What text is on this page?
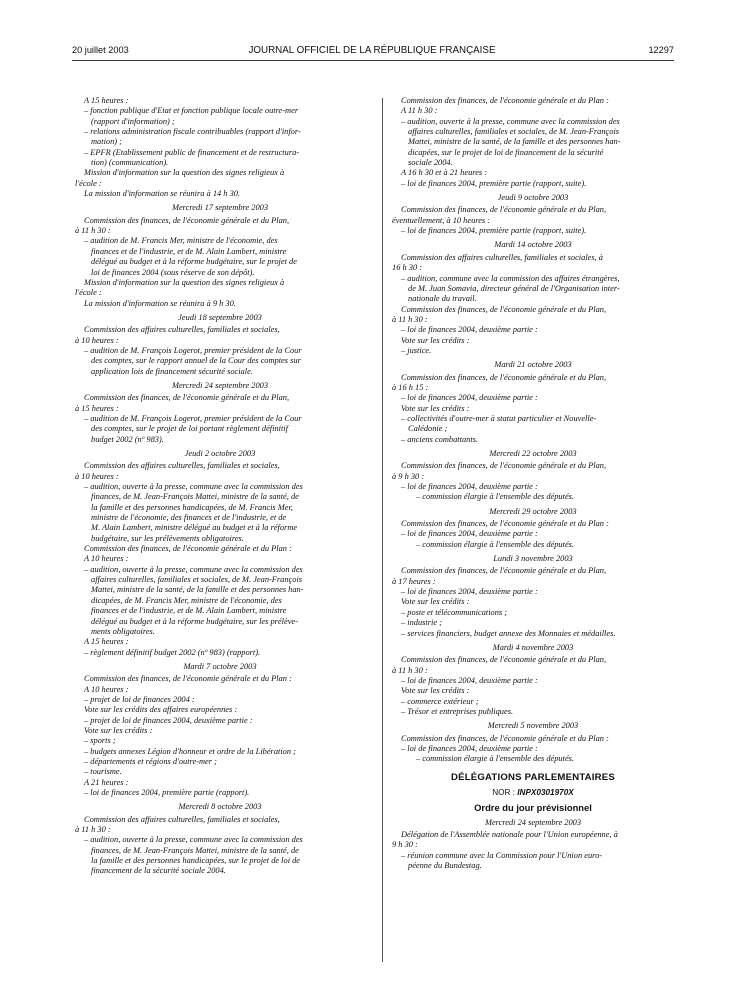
20 juillet 2003	JOURNAL OFFICIEL DE LA RÉPUBLIQUE FRANÇAISE	12297
A 15 heures :
– fonction publique d'Etat et fonction publique locale outre-mer
(rapport d'information) ;
– relations administration fiscale contribuables (rapport d'infor-
mation) ;
– EPFR (Etablissement public de financement et de restructura-
tion) (communication).
Mission d'information sur la question des signes religieux à
l'école :
La mission d'information se réunira à 14 h 30.
Mercredi 17 septembre 2003
Commission des finances, de l'économie générale et du Plan,
à 11 h 30 :
– audition de M. Francis Mer, ministre de l'économie, des
finances et de l'industrie, et de M. Alain Lambert, ministre
délégué au budget et à la réforme budgétaire, sur le projet de
loi de finances 2004 (sous réserve de son dépôt).
Mission d'information sur la question des signes religieux à
l'école :
La mission d'information se réunira à 9 h 30.
Jeudi 18 septembre 2003
Commission des affaires culturelles, familiales et sociales,
à 10 heures :
– audition de M. François Logerot, premier président de la Cour
des comptes, sur le rapport annuel de la Cour des comptes sur
application lois de financement sécurité sociale.
Mercredi 24 septembre 2003
Commission des finances, de l'économie générale et du Plan,
à 15 heures :
– audition de M. François Logerot, premier président de la Cour
des comptes, sur le projet de loi portant règlement définitif
budget 2002 (nº 983).
Jeudi 2 octobre 2003
Commission des affaires culturelles, familiales et sociales,
à 10 heures :
– audition, ouverte à la presse, commune avec la commission des
finances, de M. Jean-François Mattei, ministre de la santé, de
la famille et des personnes handicapées, de M. Francis Mer,
ministre de l'économie, des finances et de l'industrie, et de
M. Alain Lambert, ministre délégué au budget et à la réforme
budgétaire, sur les prélèvements obligatoires.
Commission des finances, de l'économie générale et du Plan :
A 10 heures :
– audition, ouverte à la presse, commune avec la commission des
affaires culturelles, familiales et sociales, de M. Jean-François
Mattei, ministre de la santé, de la famille et des personnes han-
dicapées, de M. Francis Mer, ministre de l'économie, des
finances et de l'industrie, et de M. Alain Lambert, ministre
délégué au budget et à la réforme budgétaire, sur les prélève-
ments obligatoires.
A 15 heures :
– règlement définitif budget 2002 (nº 983) (rapport).
Mardi 7 octobre 2003
Commission des finances, de l'économie générale et du Plan :
A 10 heures :
– projet de loi de finances 2004 :
Vote sur les crédits des affaires européennes :
– projet de loi de finances 2004, deuxième partie :
Vote sur les crédits :
– sports ;
– budgets annexes Légion d'honneur et ordre de la Libération ;
– départements et régions d'outre-mer ;
– tourisme.
A 21 heures :
– loi de finances 2004, première partie (rapport).
Mercredi 8 octobre 2003
Commission des affaires culturelles, familiales et sociales,
à 11 h 30 :
– audition, ouverte à la presse, commune avec la commission des
finances, de M. Jean-François Mattei, ministre de la santé, de
la famille et des personnes handicapées, sur le projet de loi de
financement de la sécurité sociale 2004.
Commission des finances, de l'économie générale et du Plan :
A 11 h 30 :
– audition, ouverte à la presse, commune avec la commission des
affaires culturelles, familiales et sociales, de M. Jean-François
Mattei, ministre de la santé, de la famille et des personnes han-
dicapées, sur le projet de loi de financement de la sécurité
sociale 2004.
A 16 h 30 et à 21 heures :
– loi de finances 2004, première partie (rapport, suite).
Jeudi 9 octobre 2003
Commission des finances, de l'économie générale et du Plan,
éventuellement, à 10 heures :
– loi de finances 2004, première partie (rapport, suite).
Mardi 14 octobre 2003
Commission des affaires culturelles, familiales et sociales, à
16 h 30 :
– audition, commune avec la commission des affaires étrangères,
de M. Juan Somavia, directeur général de l'Organisation inter-
nationale du travail.
Commission des finances, de l'économie générale et du Plan,
à 11 h 30 :
– loi de finances 2004, deuxième partie :
Vote sur les crédits :
– justice.
Mardi 21 octobre 2003
Commission des finances, de l'économie générale et du Plan,
à 16 h 15 :
– loi de finances 2004, deuxième partie :
Vote sur les crédits :
– collectivités d'outre-mer à statut particulier et Nouvelle-
Calédonie ;
– anciens combattants.
Mercredi 22 octobre 2003
Commission des finances, de l'économie générale et du Plan,
à 9 h 30 :
– loi de finances 2004, deuxième partie :
– commission élargie à l'ensemble des députés.
Mercredi 29 octobre 2003
Commission des finances, de l'économie générale et du Plan :
– loi de finances 2004, deuxième partie :
– commission élargie à l'ensemble des députés.
Lundi 3 novembre 2003
Commission des finances, de l'économie générale et du Plan,
à 17 heures :
– loi de finances 2004, deuxième partie :
Vote sur les crédits :
– poste et télécommunications ;
– industrie ;
– services financiers, budget annexe des Monnaies et médailles.
Mardi 4 novembre 2003
Commission des finances, de l'économie générale et du Plan,
à 11 h 30 :
– loi de finances 2004, deuxième partie :
Vote sur les crédits :
– commerce extérieur ;
– Trésor et entreprises publiques.
Mercredi 5 novembre 2003
Commission des finances, de l'économie générale et du Plan :
– loi de finances 2004, deuxième partie :
– commission élargie à l'ensemble des députés.
DÉLÉGATIONS PARLEMENTAIRES
NOR : INPX0301970X
Ordre du jour prévisionnel
Mercredi 24 septembre 2003
Délégation de l'Assemblée nationale pour l'Union européenne, à
9 h 30 :
– réunion commune avec la Commission pour l'Union euro-
péenne du Bundestag.
